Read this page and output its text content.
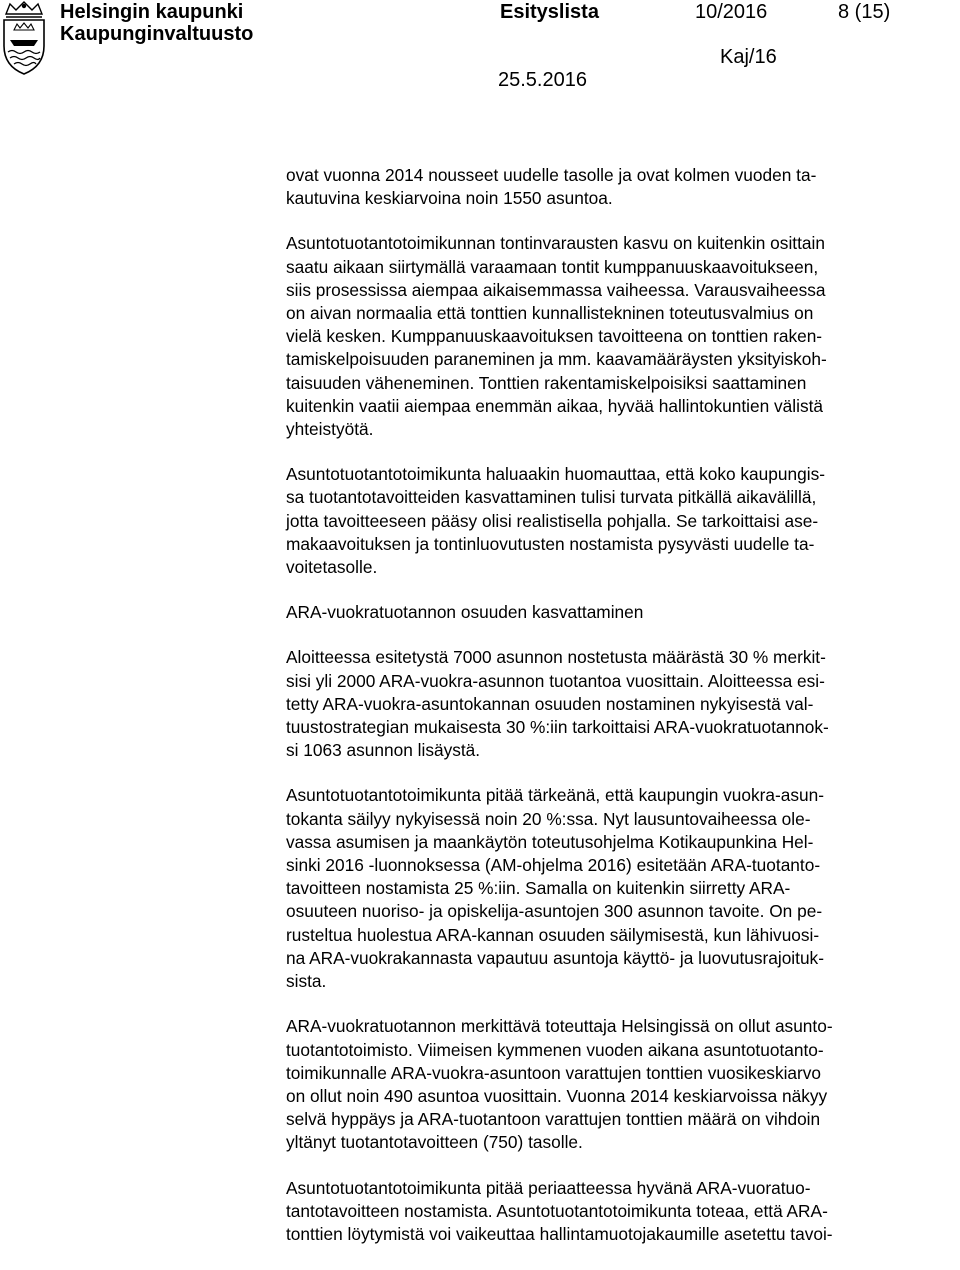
Helsingin kaupunki
Kaupunginvaltuusto
Esityslista	10/2016	8 (15)
Kaj/16
25.5.2016

ovat vuonna 2014 nousseet uudelle tasolle ja ovat kolmen vuoden ta-
kautuvina keskiarvoina noin 1550 asuntoa.

Asuntotuotantotoimikunnan tontinvarausten kasvu on kuitenkin osittain
saatu aikaan siirtymällä varaamaan tontit kumppanuuskaavoitukseen,
siis prosessissa aiempaa aikaisemmassa vaiheessa. Varausvaiheessa
on aivan normaalia että tonttien kunnallistekninen toteutusvalmius on
vielä kesken. Kumppanuuskaavoituksen tavoitteena on tonttien raken-
tamiskelpoisuuden paraneminen ja mm. kaavamääräysten yksityiskoh-
taisuuden väheneminen. Tonttien rakentamiskelpoisiksi saattaminen
kuitenkin vaatii aiempaa enemmän aikaa, hyvää hallintokuntien välistä
yhteistyötä.

Asuntotuotantotoimikunta haluaakin huomauttaa, että koko kaupungis-
sa tuotantotavoitteiden kasvattaminen tulisi turvata pitkällä aikavälillä,
jotta tavoitteeseen pääsy olisi realistisella pohjalla. Se tarkoittaisi ase-
makaavoituksen ja tontinluovutusten nostamista pysyvästi uudelle ta-
voitetasolle.

ARA-vuokratuotannon osuuden kasvattaminen

Aloitteessa esitetystä 7000 asunnon nostetusta määrästä 30 % merkit-
sisi yli 2000 ARA-vuokra-asunnon tuotantoa vuosittain. Aloitteessa esi-
tetty ARA-vuokra-asuntokannan osuuden nostaminen nykyisestä val-
tuustostrategian mukaisesta 30 %:iin tarkoittaisi ARA-vuokratuotannok-
si 1063 asunnon lisäystä.

Asuntotuotantotoimikunta pitää tärkeänä, että kaupungin vuokra-asun-
tokanta säilyy nykyisessä noin 20 %:ssa. Nyt lausuntovaiheessa ole-
vassa asumisen ja maankäytön toteutusohjelma Kotikaupunkina Hel-
sinki 2016 -luonnoksessa (AM-ohjelma 2016) esitetään ARA-tuotanto-
tavoitteen nostamista 25 %:iin. Samalla on kuitenkin siirretty ARA-
osuuteen nuoriso- ja opiskelija-asuntojen 300 asunnon tavoite. On pe-
rusteltua huolestua ARA-kannan osuuden säilymisestä, kun lähivuosi-
na ARA-vuokrakannasta vapautuu asuntoja käyttö- ja luovutusrajoituk-
sista.

ARA-vuokratuotannon merkittävä toteuttaja Helsingissä on ollut asunto-
tuotantotoimisto. Viimeisen kymmenen vuoden aikana asuntotuotanto-
toimikunnalle ARA-vuokra-asuntoon varattujen tonttien vuosikeskiarvo
on ollut noin 490 asuntoa vuosittain. Vuonna 2014 keskiarvoissa näkyy
selvä hyppäys ja ARA-tuotantoon varattujen tonttien määrä on vihdoin
yltänyt tuotantotavoitteen (750) tasolle.

Asuntotuotantotoimikunta pitää periaatteessa hyvänä ARA-vuoratuo-
tantotavoitteen nostamista. Asuntotuotantotoimikunta toteaa, että ARA-
tonttien löytymistä voi vaikeuttaa hallintamuotojakaumille asetettu tavoi-
